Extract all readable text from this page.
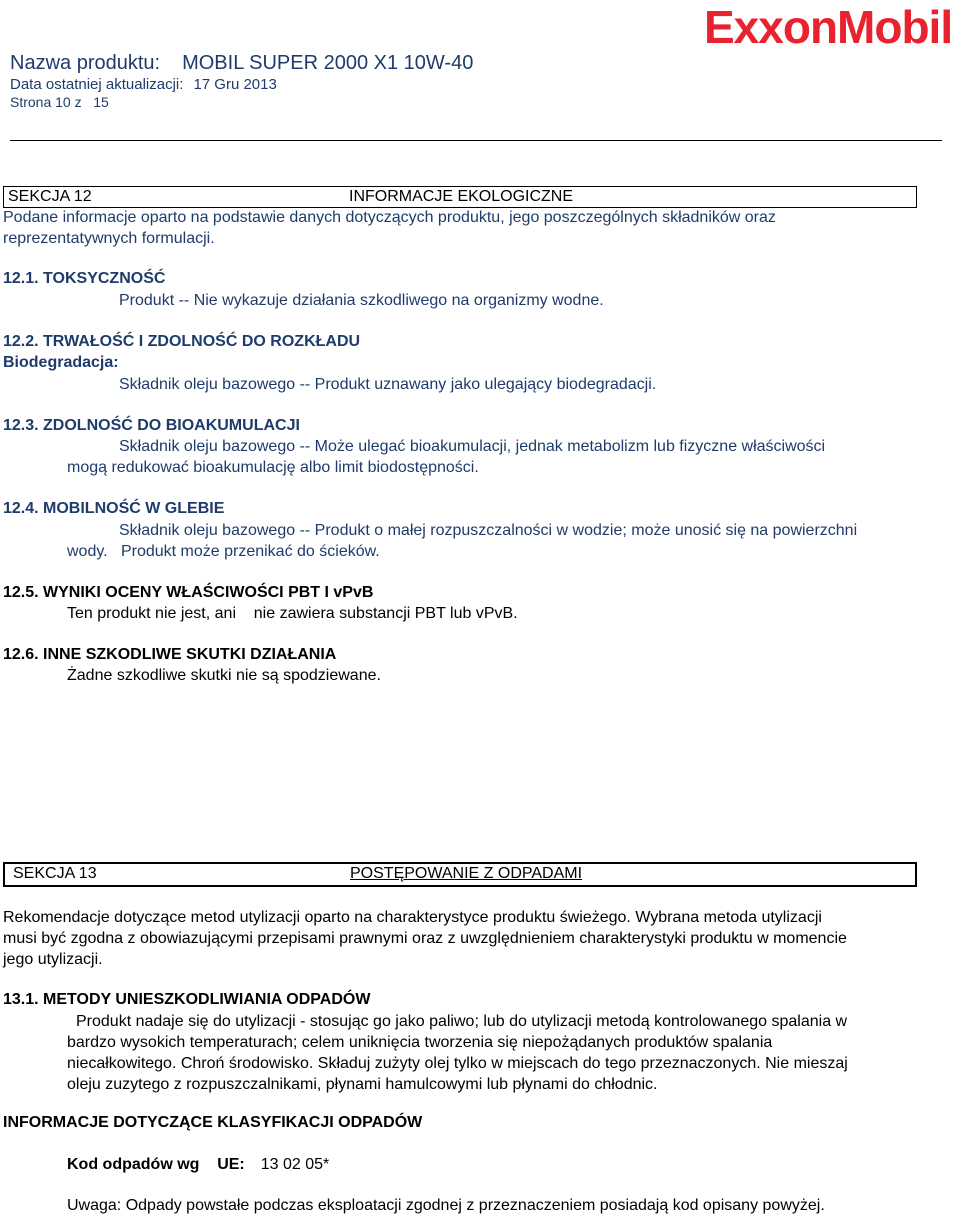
ExxonMobil
Nazwa produktu: MOBIL SUPER 2000 X1 10W-40
Data ostatniej aktualizacji: 17 Gru 2013
Strona 10 z   15
SEKCJA 12	INFORMACJE EKOLOGICZNE
Podane informacje oparto na podstawie danych dotyczących produktu, jego poszczególnych składników oraz
reprezentatywnych formulacji.
12.1. TOKSYCZNOŚĆ
Produkt -- Nie wykazuje działania szkodliwego na organizmy wodne.
12.2. TRWAŁOŚĆ I ZDOLNOŚĆ DO ROZKŁADU
Biodegradacja:
Składnik oleju bazowego -- Produkt uznawany jako ulegający biodegradacji.
12.3. ZDOLNOŚĆ DO BIOAKUMULACJI
Składnik oleju bazowego -- Może ulegać bioakumulacji, jednak metabolizm lub fizyczne właściwości
mogą redukować bioakumulację albo limit biodostępności.
12.4. MOBILNOŚĆ W GLEBIE
Składnik oleju bazowego -- Produkt o małej rozpuszczalności w wodzie; może unosić się na powierzchni
wody.   Produkt może przenikać do ścieków.
12.5. WYNIKI OCENY WŁAŚCIWOŚCI PBT I vPvB
Ten produkt nie jest, ani    nie zawiera substancji PBT lub vPvB.
12.6. INNE SZKODLIWE SKUTKI DZIAŁANIA
Żadne szkodliwe skutki nie są spodziewane.
SEKCJA 13	POSTĘPOWANIE Z ODPADAMI
Rekomendacje dotyczące metod utylizacji oparto na charakterystyce produktu świeżego. Wybrana metoda utylizacji
musi być zgodna z obowiazującymi przepisami prawnymi oraz z uwzględnieniem charakterystyki produktu w momencie
jego utylizacji.
13.1. METODY UNIESZKODLIWIANIA ODPADÓW
Produkt nadaje się do utylizacji - stosując go jako paliwo; lub do utylizacji metodą kontrolowanego spalania w
bardzo wysokich temperaturach; celem uniknięcia tworzenia się niepożądanych produktów spalania
niecałkowitego. Chroń środowisko. Składuj zużyty olej tylko w miejscach do tego przeznaczonych. Nie mieszaj
oleju zuzytego z rozpuszczalnikami, płynami hamulcowymi lub płynami do chłodnic.
INFORMACJE DOTYCZĄCE KLASYFIKACJI ODPADÓW
Kod odpadów wg    UE: 13 02 05*
Uwaga: Odpady powstałe podczas eksploatacji zgodnej z przeznaczeniem posiadają kod opisany powyżej.
